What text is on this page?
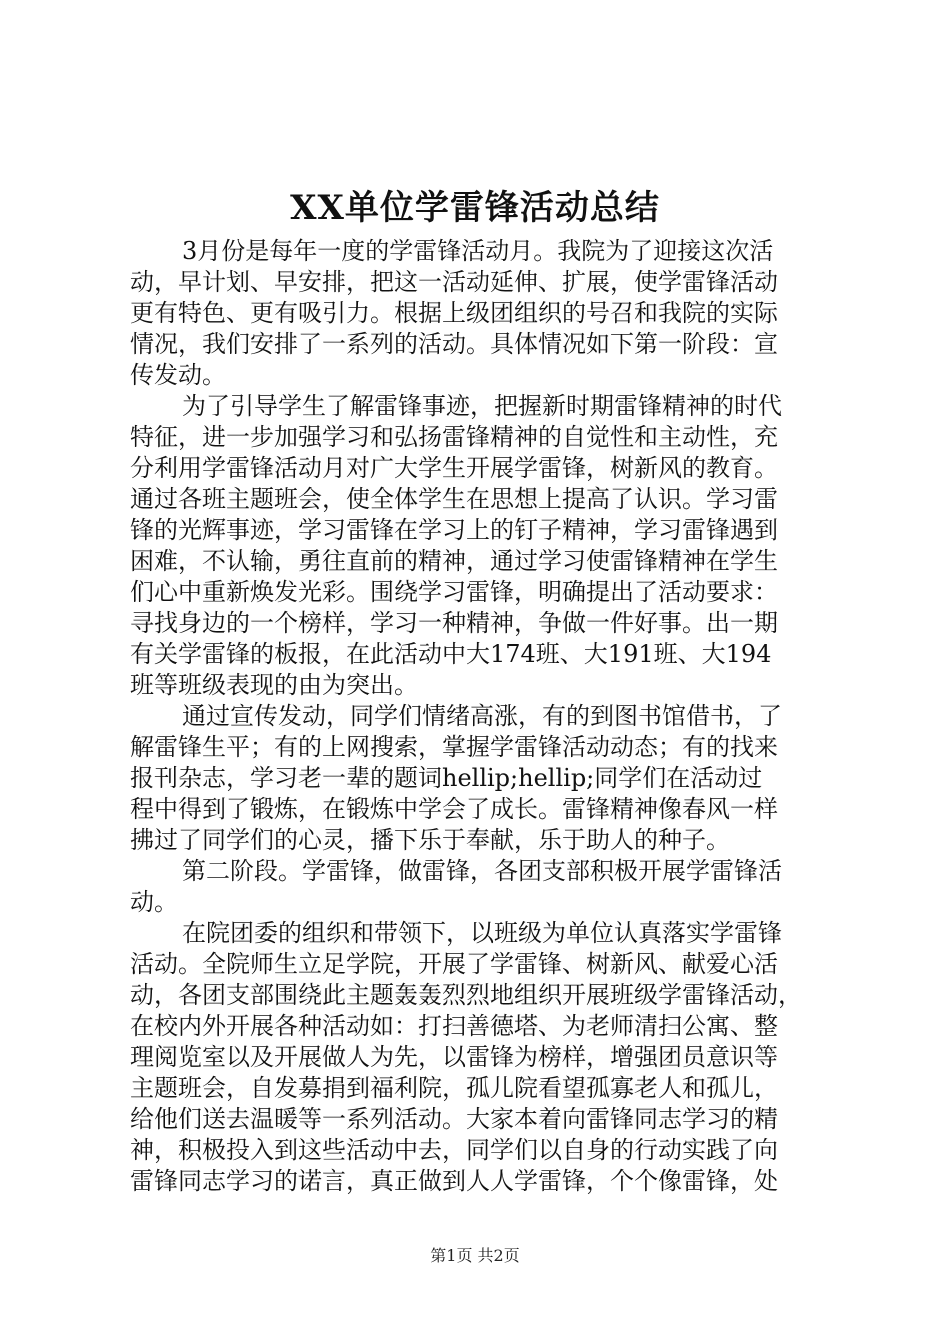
XX单位学雷锋活动总结
3月份是每年一度的学雷锋活动月。我院为了迎接这次活
动，早计划、早安排，把这一活动延伸、扩展，使学雷锋活动
更有特色、更有吸引力。根据上级团组织的号召和我院的实际
情况，我们安排了一系列的活动。具体情况如下第一阶段：宣
传发动。
为了引导学生了解雷锋事迹，把握新时期雷锋精神的时代
特征，进一步加强学习和弘扬雷锋精神的自觉性和主动性，充
分利用学雷锋活动月对广大学生开展学雷锋，树新风的教育。
通过各班主题班会，使全体学生在思想上提高了认识。学习雷
锋的光辉事迹，学习雷锋在学习上的钉子精神，学习雷锋遇到
困难，不认输，勇往直前的精神，通过学习使雷锋精神在学生
们心中重新焕发光彩。围绕学习雷锋，明确提出了活动要求：
寻找身边的一个榜样，学习一种精神，争做一件好事。出一期
有关学雷锋的板报，在此活动中大174班、大191班、大194
班等班级表现的由为突出。
通过宣传发动，同学们情绪高涨，有的到图书馆借书，了
解雷锋生平；有的上网搜索，掌握学雷锋活动动态；有的找来
报刊杂志，学习老一辈的题词hellip;hellip;同学们在活动过
程中得到了锻炼，在锻炼中学会了成长。雷锋精神像春风一样
拂过了同学们的心灵，播下乐于奉献，乐于助人的种子。
第二阶段。学雷锋，做雷锋，各团支部积极开展学雷锋活
动。
在院团委的组织和带领下，以班级为单位认真落实学雷锋
活动。全院师生立足学院，开展了学雷锋、树新风、献爱心活
动，各团支部围绕此主题轰轰烈烈地组织开展班级学雷锋活动，
在校内外开展各种活动如：打扫善德塔、为老师清扫公寓、整
理阅览室以及开展做人为先，以雷锋为榜样，增强团员意识等
主题班会，自发募捐到福利院，孤儿院看望孤寡老人和孤儿，
给他们送去温暖等一系列活动。大家本着向雷锋同志学习的精
神，积极投入到这些活动中去，同学们以自身的行动实践了向
雷锋同志学习的诺言，真正做到人人学雷锋，个个像雷锋，处
第1页 共2页
